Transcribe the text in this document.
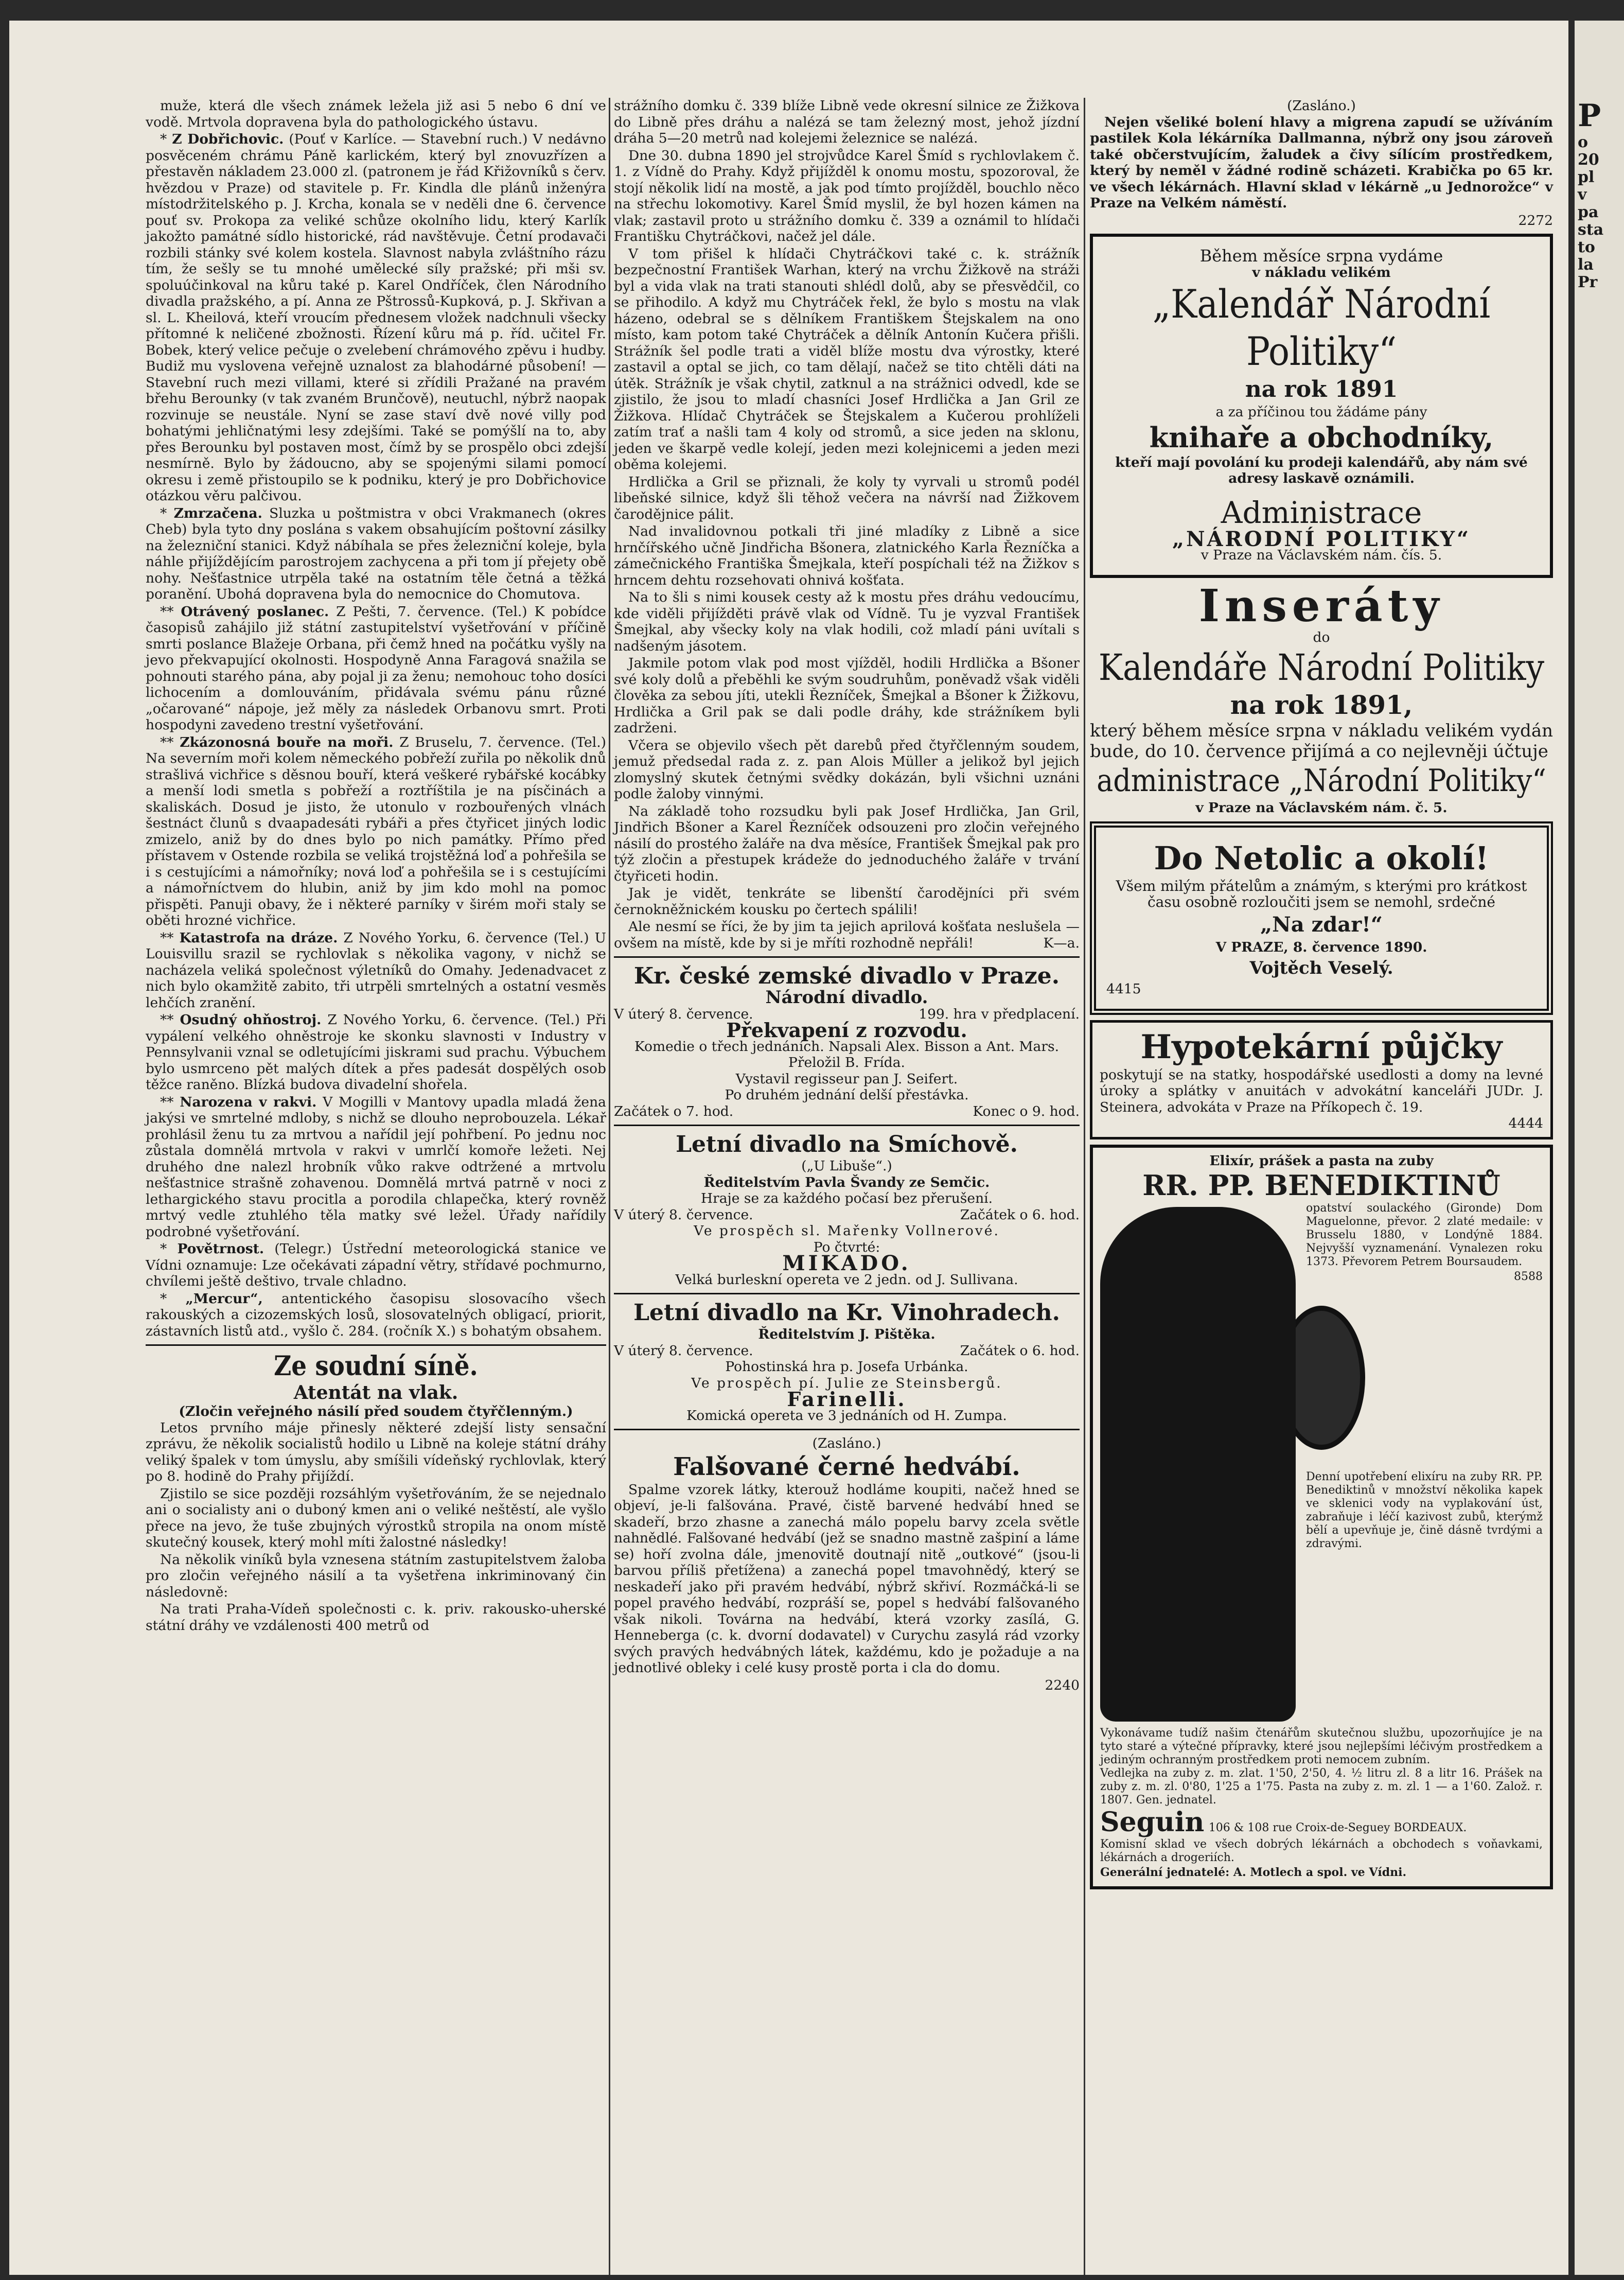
muže, která dle všech známek ležela již asi 5 nebo 6 dní ve vodě. Mrtvola dopravena byla do pathologického ústavu.

* Z Dobřichovic. (Pouť v Karlíce. — Stavební ruch.) V nedávno posvěceném chrámu Páně karlickém, který byl znovuzřízen a přestavěn nákladem 23.000 zl. (patronem je řád Křižovníků s červ. hvězdou v Praze) od stavitele p. Fr. Kindla dle plánů inženýra místodržitelského p. J. Krcha, konala se v neděli dne 6. července pouť sv. Prokopa za veliké schůze okolního lidu, který Karlík jakožto památné sídlo historické, rád navštěvuje. Četní prodavači rozbili stánky své kolem kostela. Slavnost nabyla zvláštního rázu tím, že sešly se tu mnohé umělecké síly pražské; při mši sv. spoluúčinkoval na kůru také p. Karel Ondříček, člen Národního divadla pražského, a pí. Anna ze Pštrossů-Kupková, p. J. Skřivan a sl. L. Kheilová, kteří vroucím přednesem vložek nadchnuli všecky přítomné k neličené zbožnosti. Řízení kůru má p. říd. učitel Fr. Bobek, který velice pečuje o zvelebení chrámového zpěvu i hudby. Budiž mu vyslovena veřejně uznalost za blahodárné působení! — Stavební ruch mezi villami, které si zřídili Pražané na pravém břehu Berounky (v tak zvaném Brunčově), neutuchl, nýbrž naopak rozvinuje se neustále. Nyní se zase staví dvě nové villy pod bohatými jehličnatými lesy zdejšími. Také se pomýšlí na to, aby přes Berounku byl postaven most, čímž by se prospělo obci zdejší nesmírně. Bylo by žádoucno, aby se spojenými silami pomocí okresu i země přistoupilo se k podniku, který je pro Dobřichovice otázkou věru palčivou.

* Zmrzačena. Sluzka u poštmistra v obci Vrakmanech (okres Cheb) byla tyto dny poslána s vakem obsahujícím poštovní zásilky na železniční stanici. Když nábíhala se přes železniční koleje, byla náhle přijíždějícím parostrojem zachycena a při tom jí přejety obě nohy. Nešťastnice utrpěla také na ostatním těle četná a těžká poranění. Ubohá dopravena byla do nemocnice do Chomutova.

** Otrávený poslanec. Z Pešti, 7. července. (Tel.) K pobídce časopisů zahájilo již státní zastupitelství vyšetřování v příčině smrti poslance Blažeje Orbana, při čemž hned na počátku vyšly na jevo překvapující okolnosti. Hospodyně Anna Faragová snažila se pohnouti starého pána, aby pojal ji za ženu; nemohouc toho dosíci lichocením a domlouváním, přidávala svému pánu různé „očarované“ nápoje, jež měly za následek Orbanovu smrt. Proti hospodyni zavedeno trestní vyšetřování.

** Zkázonosná bouře na moři. Z Bruselu, 7. července. (Tel.) Na severním moři kolem německého pobřeží zuřila po několik dnů strašlivá vichřice s děsnou bouří, která veškeré rybářské kocábky a menší lodi smetla s pobřeží a roztříštila je na písčinách a skaliskách. Dosud je jisto, že utonulo v rozbouřených vlnách šestnáct člunů s dvaapadesáti rybáři a přes čtyřicet jiných lodic zmizelo, aniž by do dnes bylo po nich památky. Přímo před přístavem v Ostende rozbila se veliká trojstěžná loď a pohřešila se i s cestujícími a námořníky; nová loď a pohřešila se i s cestujícími a námořníctvem do hlubin, aniž by jim kdo mohl na pomoc přispěti. Panuji obavy, že i některé parníky v širém moři staly se oběti hrozné vichřice.

** Katastrofa na dráze. Z Nového Yorku, 6. července (Tel.) U Louisvillu srazil se rychlovlak s několika vagony, v nichž se nacházela veliká společnost výletníků do Omahy. Jedenadvacet z nich bylo okamžitě zabito, tři utrpěli smrtelných a ostatní vesměs lehčích zranění.

** Osudný ohňostroj. Z Nového Yorku, 6. července. (Tel.) Při vypálení velkého ohněstroje ke skonku slavnosti v Industry v Pennsylvanii vznal se odletujícími jiskrami sud prachu. Výbuchem bylo usmrceno pět malých dítek a přes padesát dospělých osob těžce raněno. Blízká budova divadelní shořela.

** Narozena v rakvi. V Mogilli v Mantovy upadla mladá žena jakýsi ve smrtelné mdloby, s nichž se dlouho neprobouzela. Lékař prohlásil ženu tu za mrtvou a nařídil její pohřbení. Po jednu noc zůstala domnělá mrtvola v rakvi v umrlčí komoře ležeti. Nej druhého dne nalezl hrobník vůko rakve odtržené a mrtvolu nešťastnice strašně zohavenou. Domnělá mrtvá patrně v noci z lethargického stavu procitla a porodila chlapečka, který rovněž mrtvý vedle ztuhlého těla matky své ležel. Úřady nařídily podrobné vyšetřování.

* Povětrnost. (Telegr.) Ústřední meteorologická stanice ve Vídni oznamuje: Lze očekávati západní větry, střídavé pochmurno, chvílemi ještě deštivo, trvale chladno.

* „Mercur“, antentického časopisu slosovacího všech rakouských a cizozemských losů, slosovatelných obligací, priorit, zástavních listů atd., vyšlo č. 284. (ročník X.) s bohatým obsahem.

Ze soudní síně.
Atentát na vlak.
(Zločin veřejného násilí před soudem čtyřčlenným.)

Letos prvního máje přinesly některé zdejší listy sensační zprávu, že několik socialistů hodilo u Libně na koleje státní dráhy veliký špalek v tom úmyslu, aby smíšili vídeňský rychlovlak, který po 8. hodině do Prahy přijíždí.

Zjistilo se sice později rozsáhlým vyšetřováním, že se nejednalo ani o socialisty ani o duboný kmen ani o veliké neštěstí, ale vyšlo přece na jevo, že tuše zbujných výrostků stropila na onom místě skutečný kousek, který mohl míti žalostné následky!

Na několik viníků byla vznesena státním zastupitelstvem žaloba pro zločin veřejného násilí a ta vyšetřena inkriminovaný čin následovně:

Na trati Praha-Vídeň společnosti c. k. priv. rakousko-uherské státní dráhy ve vzdálenosti 400 metrů od

strážního domku č. 339 blíže Libně vede okresní silnice ze Žižkova do Libně přes dráhu a nalézá se tam železný most, jehož jízdní dráha 5—20 metrů nad kolejemi železnice se nalézá.

Dne 30. dubna 1890 jel strojvůdce Karel Šmíd s rychlovlakem č. 1. z Vídně do Prahy. Když přijížděl k onomu mostu, spozoroval, že stojí několik lidí na mostě, a jak pod tímto projížděl, bouchlo něco na střechu lokomotivy. Karel Šmíd myslil, že byl hozen kámen na vlak; zastavil proto u strážního domku č. 339 a oznámil to hlídači Františku Chytráčkovi, načež jel dále.

V tom přišel k hlídači Chytráčkovi také c. k. strážník bezpečnostní František Warhan, který na vrchu Žižkově na stráži byl a vida vlak na trati stanouti shlédl dolů, aby se přesvědčil, co se přihodilo. A když mu Chytráček řekl, že bylo s mostu na vlak házeno, odebral se s dělníkem Františkem Štejskalem na ono místo, kam potom také Chytráček a dělník Antonín Kučera přišli. Strážník šel podle trati a viděl blíže mostu dva výrostky, které zastavil a optal se jich, co tam dělají, načež se tito chtěli dáti na útěk. Strážník je však chytil, zatknul a na strážnici odvedl, kde se zjistilo, že jsou to mladí chasníci Josef Hrdlička a Jan Gril ze Žižkova. Hlídač Chytráček se Štejskalem a Kučerou prohlíželi zatím trať a našli tam 4 koly od stromů, a sice jeden na sklonu, jeden ve škarpě vedle kolejí, jeden mezi kolejnicemi a jeden mezi oběma kolejemi.

Hrdlička a Gril se přiznali, že koly ty vyrvali u stromů podél libeňské silnice, když šli těhož večera na návrší nad Žižkovem čarodějnice pálit.

Nad invalidovnou potkali tři jiné mladíky z Libně a sice hrnčířského učně Jindřicha Bšonera, zlatnického Karla Řezníčka a zámečnického Františka Šmejkala, kteří pospíchali též na Žižkov s hrncem dehtu rozsehovati ohnivá košťata.

Na to šli s nimi kousek cesty až k mostu přes dráhu vedoucímu, kde viděli přijížděti právě vlak od Vídně. Tu je vyzval František Šmejkal, aby všecky koly na vlak hodili, což mladí páni uvítali s nadšeným jásotem.

Jakmile potom vlak pod most vjížděl, hodili Hrdlička a Bšoner své koly dolů a přeběhli ke svým soudruhům, poněvadž však viděli člověka za sebou jíti, utekli Řezníček, Šmejkal a Bšoner k Žižkovu, Hrdlička a Gril pak se dali podle dráhy, kde strážníkem byli zadrženi.

Včera se objevilo všech pět darebů před čtyřčlenným soudem, jemuž předsedal rada z. z. pan Alois Müller a jelikož byl jejich zlomyslný skutek četnými svědky dokázán, byli všichni uznáni podle žaloby vinnými.

Na základě toho rozsudku byli pak Josef Hrdlička, Jan Gril, Jindřich Bšoner a Karel Řezníček odsouzeni pro zločin veřejného násilí do prostého žaláře na dva měsíce, František Šmejkal pak pro týž zločin a přestupek krádeže do jednoduchého žaláře v trvání čtyřiceti hodin.

Jak je vidět, tenkráte se libenští čarodějníci při svém černokněžnickém kousku po čertech spálili!

Ale nesmí se říci, že by jim ta jejich aprilová košťata neslušela — ovšem na místě, kde by si je mříti rozhodně nepřáli!	K—a.

Kr. české zemské divadlo v Praze.
Národní divadlo.
V úterý 8. července.	199. hra v předplacení.
Překvapení z rozvodu.
Komedie o třech jednáních. Napsali Alex. Bisson a Ant. Mars. Přeložil B. Frída.
Vystavil regisseur pan J. Seifert.
Po druhém jednání delší přestávka.
Začátek o 7. hod.	Konec o 9. hod.
Letní divadlo na Smíchově.
(„U Libuše“.)
Ředitelstvím Pavla Švandy ze Semčic.
Hraje se za každého počasí bez přerušení.
V úterý 8. července.	Začátek o 6. hod.
Ve prospěch sl. Mařenky Vollnerové.
Po čtvrté:
MIKADO.
Velká burleskní opereta ve 2 jedn. od J. Sullivana.
Letní divadlo na Kr. Vinohradech.
Ředitelstvím J. Pištěka.
V úterý 8. července.	Začátek o 6. hod.
Pohostinská hra p. Josefa Urbánka.
Ve prospěch pí. Julie ze Steinsbergů.
Farinelli.
Komická opereta ve 3 jednáních od H. Zumpa.
(Zasláno.)
Falšované černé hedvábí.

Spalme vzorek látky, kterouž hodláme koupiti, načež hned se objeví, je-li falšována. Pravé, čistě barvené hedvábí hned se skadeří, brzo zhasne a zanechá málo popelu barvy zcela světle nahnědlé. Falšované hedvábí (jež se snadno mastně zašpiní a láme se) hoří zvolna dále, jmenovitě doutnají nitě „outkové“ (jsou-li barvou příliš přetížena) a zanechá popel tmavohnědý, který se neskadeří jako při pravém hedvábí, nýbrž skřiví. Rozmáčká-li se popel pravého hedvábí, rozpráší se, popel s hedvábí falšovaného však nikoli. Továrna na hedvábí, která vzorky zasílá, G. Henneberga (c. k. dvorní dodavatel) v Curychu zasylá rád vzorky svých pravých hedvábných látek, každému, kdo je požaduje a na jednotlivé obleky i celé kusy prostě porta i cla do domu.

2240
(Zasláno.)

Nejen všeliké bolení hlavy a migrena zapudí se užíváním pastilek Kola lékárníka Dallmanna, nýbrž ony jsou zároveň také občerstvujícím, žaludek a čivy sílícím prostředkem, který by neměl v žádné rodině scházeti. Krabička po 65 kr. ve všech lékárnách. Hlavní sklad v lékárně „u Jednorožce“ v Praze na Velkém náměstí.

2272
Během měsíce srpna vydáme
v nákladu velikém
„Kalendář Národní Politiky“
na rok 1891
a za příčinou tou žádáme pány
knihaře a obchodníky,
kteří mají povolání ku prodeji kalendářů, aby nám své adresy laskavě oznámili.
Administrace
„NÁRODNÍ POLITIKY“
v Praze na Václavském nám. čís. 5.
Inseráty
do
Kalendáře Národní Politiky
na rok 1891,
který během měsíce srpna v nákladu velikém vydán bude, do 10. července přijímá a co nejlevněji účtuje
administrace „Národní Politiky“
v Praze na Václavském nám. č. 5.
Do Netolic a okolí!
Všem milým přátelům a známým, s kterými pro krátkost času osobně rozloučiti jsem se nemohl, srdečné
„Na zdar!“
V PRAZE, 8. července 1890.
Vojtěch Veselý.
4415
Hypotekární půjčky
poskytují se na statky, hospodářské usedlosti a domy na levné úroky a splátky v anuitách v advokátní kanceláři JUDr. J. Steinera, advokáta v Praze na Příkopech č. 19.
4444
Elixír, prášek a pasta na zuby
RR. PP. BENEDIKTINŮ
opatství soulackého (Gironde) Dom Maguelonne, převor. 2 zlaté medaile: v Brusselu 1880, v Londýně 1884. Nejvyšší vyznamenání. Vynalezen roku 1373. Převorem Petrem Boursaudem.
8588
Denní upotřebení elixíru na zuby RR. PP. Benediktinů v množství několika kapek ve sklenici vody na vyplakování úst, zabraňuje i léčí kazivost zubů, kterýmž bělí a upevňuje je, čině dásně tvrdými a zdravými.
Vykonávame tudíž našim čtenářům skutečnou službu, upozorňujíce je na tyto staré a výtečné přípravky, které jsou nejlepšími léčivým prostředkem a jediným ochranným prostředkem proti nemocem zubním.
Vedlejka na zuby z. m. zlat. 1'50, 2'50, 4. ½ litru zl. 8 a litr 16. Prášek na zuby z. m. zl. 0'80, 1'25 a 1'75. Pasta na zuby z. m. zl. 1 — a 1'60. Založ. r. 1807. Gen. jednatel.
Seguin 106 & 108 rue Croix-de-Seguey BORDEAUX.
Komisní sklad ve všech dobrých lékárnách a obchodech s voňavkami, lékárnách a drogeriích.
Generální jednatelé: A. Motlech a spol. ve Vídni.
P
o
20
pl
v
pa
sta
to
la
Pr
